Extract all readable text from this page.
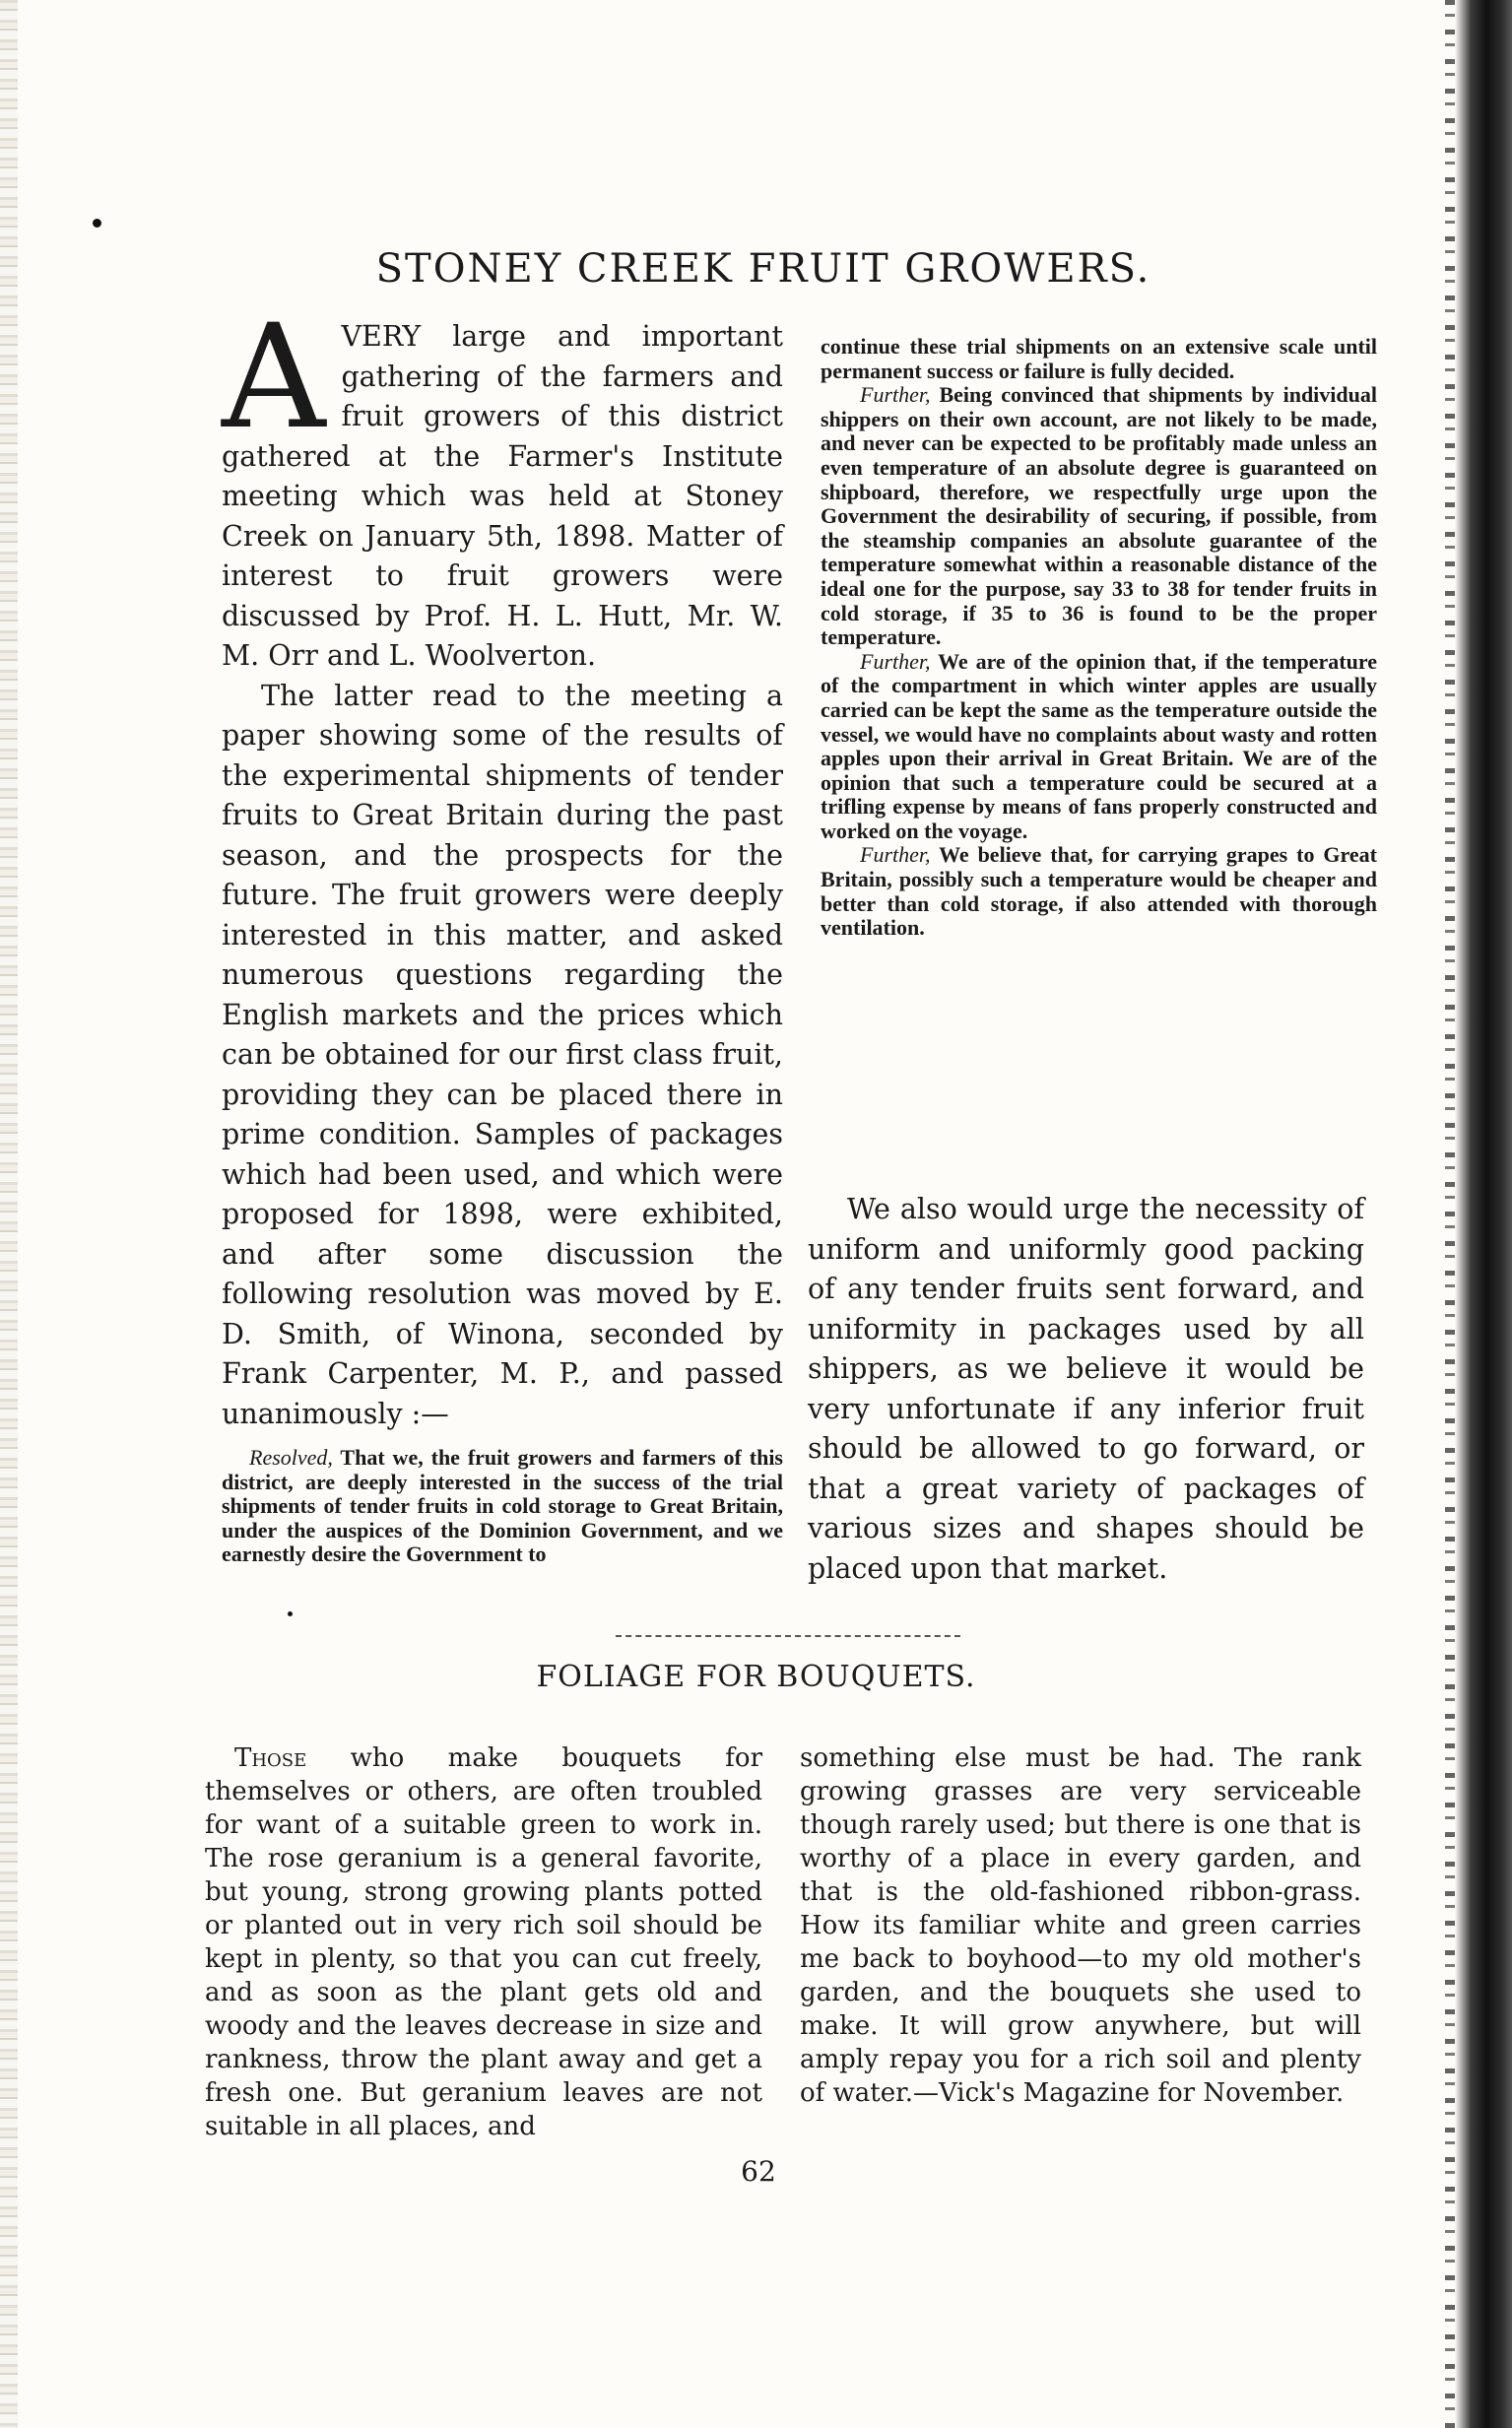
STONEY CREEK FRUIT GROWERS.

AVERY large and important gathering of the farmers and fruit growers of this district gathered at the Farmer's Institute meeting which was held at Stoney Creek on January 5th, 1898. Matter of interest to fruit growers were discussed by Prof. H. L. Hutt, Mr. W. M. Orr and L. Woolverton.

The latter read to the meeting a paper showing some of the results of the experimental shipments of tender fruits to Great Britain during the past season, and the prospects for the future. The fruit growers were deeply interested in this matter, and asked numerous questions regarding the English markets and the prices which can be obtained for our first class fruit, providing they can be placed there in prime condition. Samples of packages which had been used, and which were proposed for 1898, were exhibited, and after some discussion the following resolution was moved by E. D. Smith, of Winona, seconded by Frank Carpenter, M. P., and passed unanimously :—

Resolved, That we, the fruit growers and farmers of this district, are deeply interested in the success of the trial shipments of tender fruits in cold storage to Great Britain, under the auspices of the Dominion Government, and we earnestly desire the Government to

continue these trial shipments on an extensive scale until permanent success or failure is fully decided.

Further, Being convinced that shipments by individual shippers on their own account, are not likely to be made, and never can be expected to be profitably made unless an even temperature of an absolute degree is guaranteed on shipboard, therefore, we respectfully urge upon the Government the desirability of securing, if possible, from the steamship companies an absolute guarantee of the temperature somewhat within a reasonable distance of the ideal one for the purpose, say 33 to 38 for tender fruits in cold storage, if 35 to 36 is found to be the proper temperature.

Further, We are of the opinion that, if the temperature of the compartment in which winter apples are usually carried can be kept the same as the temperature outside the vessel, we would have no complaints about wasty and rotten apples upon their arrival in Great Britain. We are of the opinion that such a temperature could be secured at a trifling expense by means of fans properly constructed and worked on the voyage.

Further, We believe that, for carrying grapes to Great Britain, possibly such a temperature would be cheaper and better than cold storage, if also attended with thorough ventilation.

We also would urge the necessity of uniform and uniformly good packing of any tender fruits sent forward, and uniformity in packages used by all shippers, as we believe it would be very unfortunate if any inferior fruit should be allowed to go forward, or that a great variety of packages of various sizes and shapes should be placed upon that market.

FOLIAGE FOR BOUQUETS.

Those who make bouquets for themselves or others, are often troubled for want of a suitable green to work in. The rose geranium is a general favorite, but young, strong growing plants potted or planted out in very rich soil should be kept in plenty, so that you can cut freely, and as soon as the plant gets old and woody and the leaves decrease in size and rankness, throw the plant away and get a fresh one. But geranium leaves are not suitable in all places, and

something else must be had. The rank growing grasses are very serviceable though rarely used; but there is one that is worthy of a place in every garden, and that is the old-fashioned ribbon-grass. How its familiar white and green carries me back to boyhood—to my old mother's garden, and the bouquets she used to make. It will grow anywhere, but will amply repay you for a rich soil and plenty of water.—Vick's Magazine for November.

62
